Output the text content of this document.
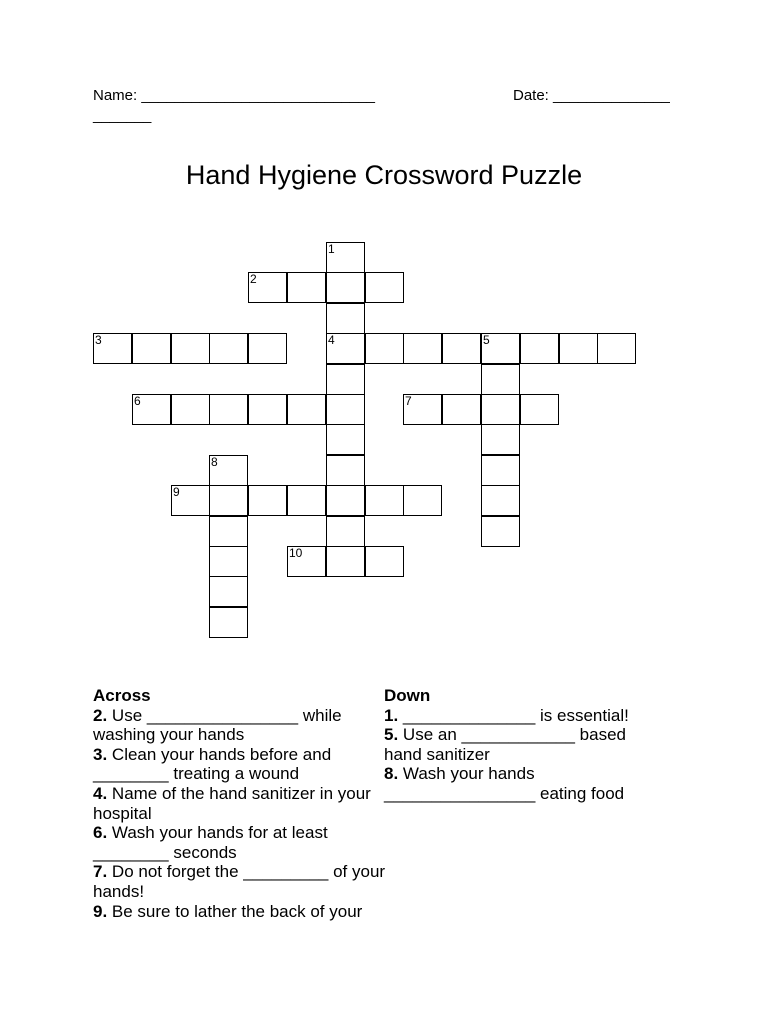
Name: ___________________________________
Date: ______________
Hand Hygiene Crossword Puzzle
1
2
3	4	5
6	7
8
9
10
Across
2. Use ________________ while washing your hands
3. Clean your hands before and ________ treating a wound
4. Name of the hand sanitizer in your hospital
6. Wash your hands for at least ________ seconds
7. Do not forget the _________ of your hands!
9. Be sure to lather the back of your
Down
1. ______________ is essential!
5. Use an ____________ based hand sanitizer
8. Wash your hands ________________ eating food
